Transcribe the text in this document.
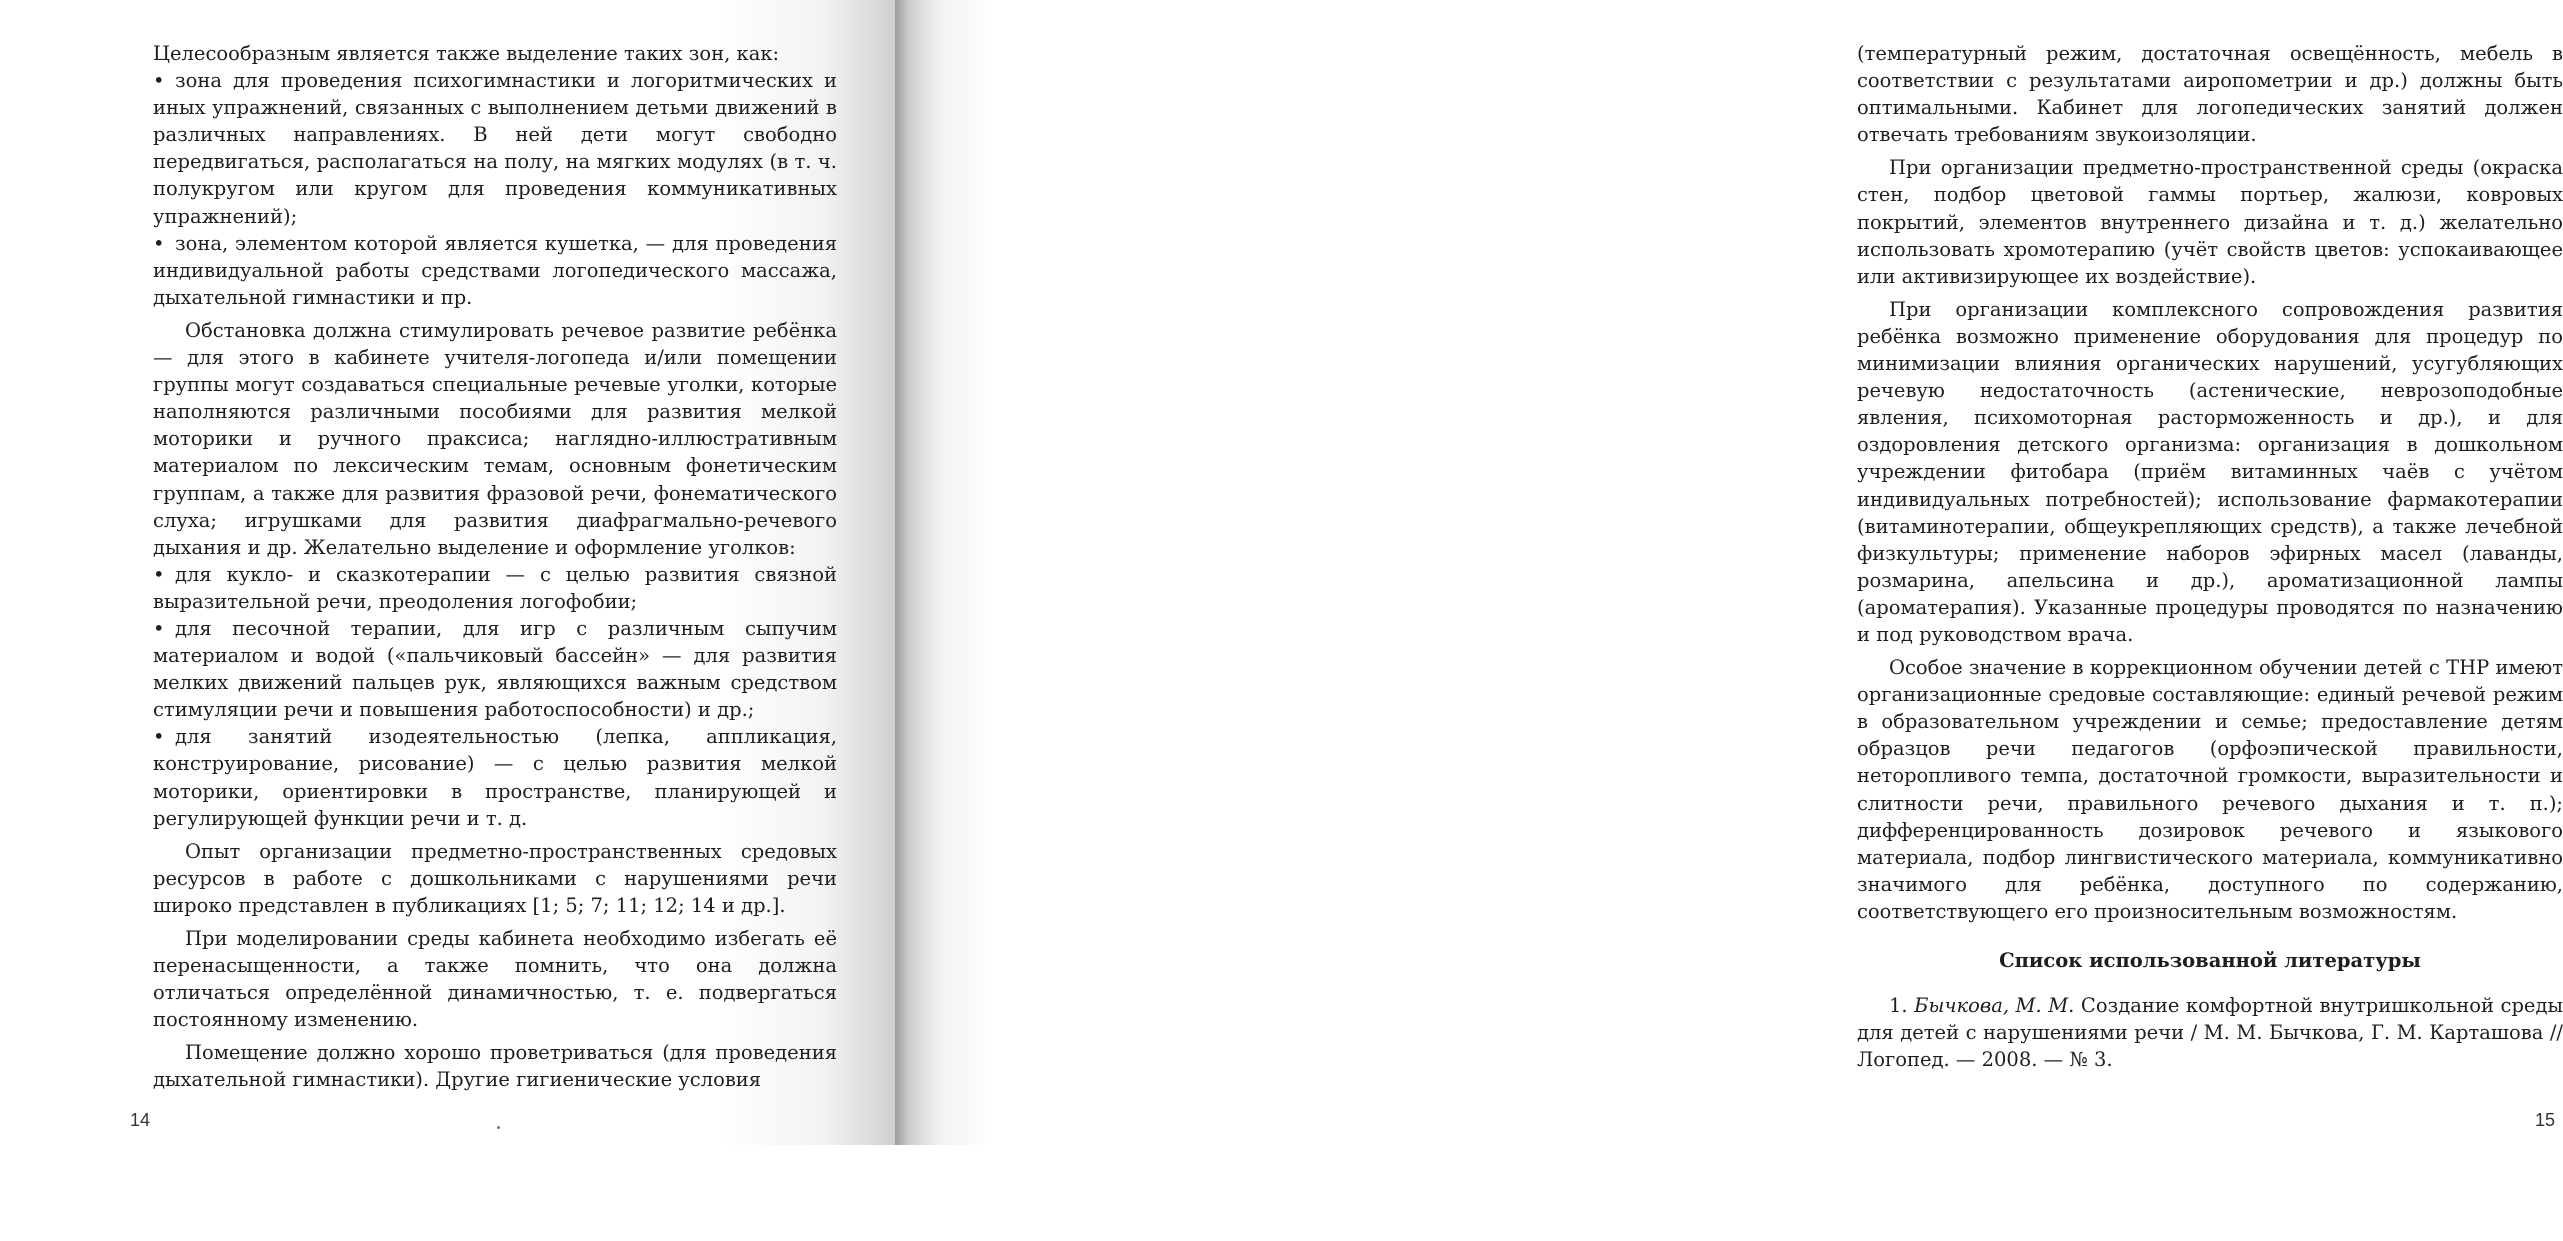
Целесообразным является также выделение таких зон, как:

• зона для проведения психогимнастики и логоритмических и иных упражнений, связанных с выполнением детьми движений в различных направлениях. В ней дети могут свободно передвигаться, располагаться на полу, на мягких модулях (в т. ч. полукругом или кругом для проведения коммуникативных упражнений);
• зона, элементом которой является кушетка, — для проведения индивидуальной работы средствами логопедического массажа, дыхательной гимнастики и пр.

Обстановка должна стимулировать речевое развитие ребёнка — для этого в кабинете учителя-логопеда и/или помещении группы могут создаваться специальные речевые уголки, которые наполняются различными пособиями для развития мелкой моторики и ручного праксиса; наглядно-иллюстративным материалом по лексическим темам, основным фонетическим группам, а также для развития фразовой речи, фонематического слуха; игрушками для развития диафрагмально-речевого дыхания и др. Желательно выделение и оформление уголков:

• для кукло- и сказкотерапии — с целью развития связной выразительной речи, преодоления логофобии;
• для песочной терапии, для игр с различным сыпучим материалом и водой («пальчиковый бассейн» — для развития мелких движений пальцев рук, являющихся важным средством стимуляции речи и повышения работоспособности) и др.;
• для занятий изодеятельностью (лепка, аппликация, конструирование, рисование) — с целью развития мелкой моторики, ориентировки в пространстве, планирующей и регулирующей функции речи и т. д.

Опыт организации предметно-пространственных средовых ресурсов в работе с дошкольниками с нарушениями речи широко представлен в публикациях [1; 5; 7; 11; 12; 14 и др.].

При моделировании среды кабинета необходимо избегать её перенасыщенности, а также помнить, что она должна отличаться определённой динамичностью, т. е. подвергаться постоянному изменению.

Помещение должно хорошо проветриваться (для проведения дыхательной гимнастики). Другие гигиенические условия

14

(температурный режим, достаточная освещённость, мебель в соответствии с результатами аиропометрии и др.) должны быть оптимальными. Кабинет для логопедических занятий должен отвечать требованиям звукоизоляции.

При организации предметно-пространственной среды (окраска стен, подбор цветовой гаммы портьер, жалюзи, ковровых покрытий, элементов внутреннего дизайна и т. д.) желательно использовать хромотерапию (учёт свойств цветов: успокаивающее или активизирующее их воздействие).

При организации комплексного сопровождения развития ребёнка возможно применение оборудования для процедур по минимизации влияния органических нарушений, усугубляющих речевую недостаточность (астенические, неврозоподобные явления, психомоторная расторможенность и др.), и для оздоровления детского организма: организация в дошкольном учреждении фитобара (приём витаминных чаёв с учётом индивидуальных потребностей); использование фармакотерапии (витаминотерапии, общеукрепляющих средств), а также лечебной физкультуры; применение наборов эфирных масел (лаванды, розмарина, апельсина и др.), ароматизационной лампы (ароматерапия). Указанные процедуры проводятся по назначению и под руководством врача.

Особое значение в коррекционном обучении детей с ТНР имеют организационные средовые составляющие: единый речевой режим в образовательном учреждении и семье; предоставление детям образцов речи педагогов (орфоэпической правильности, неторопливого темпа, достаточной громкости, выразительности и слитности речи, правильного речевого дыхания и т. п.); дифференцированность дозировок речевого и языкового материала, подбор лингвистического материала, коммуникативно значимого для ребёнка, доступного по содержанию, соответствующего его произносительным возможностям.

Список использованной литературы
1. Бычкова, М. М. Создание комфортной внутришкольной среды для детей с нарушениями речи / М. М. Бычкова, Г. М. Карташова // Логопед. — 2008. — № 3.
15
